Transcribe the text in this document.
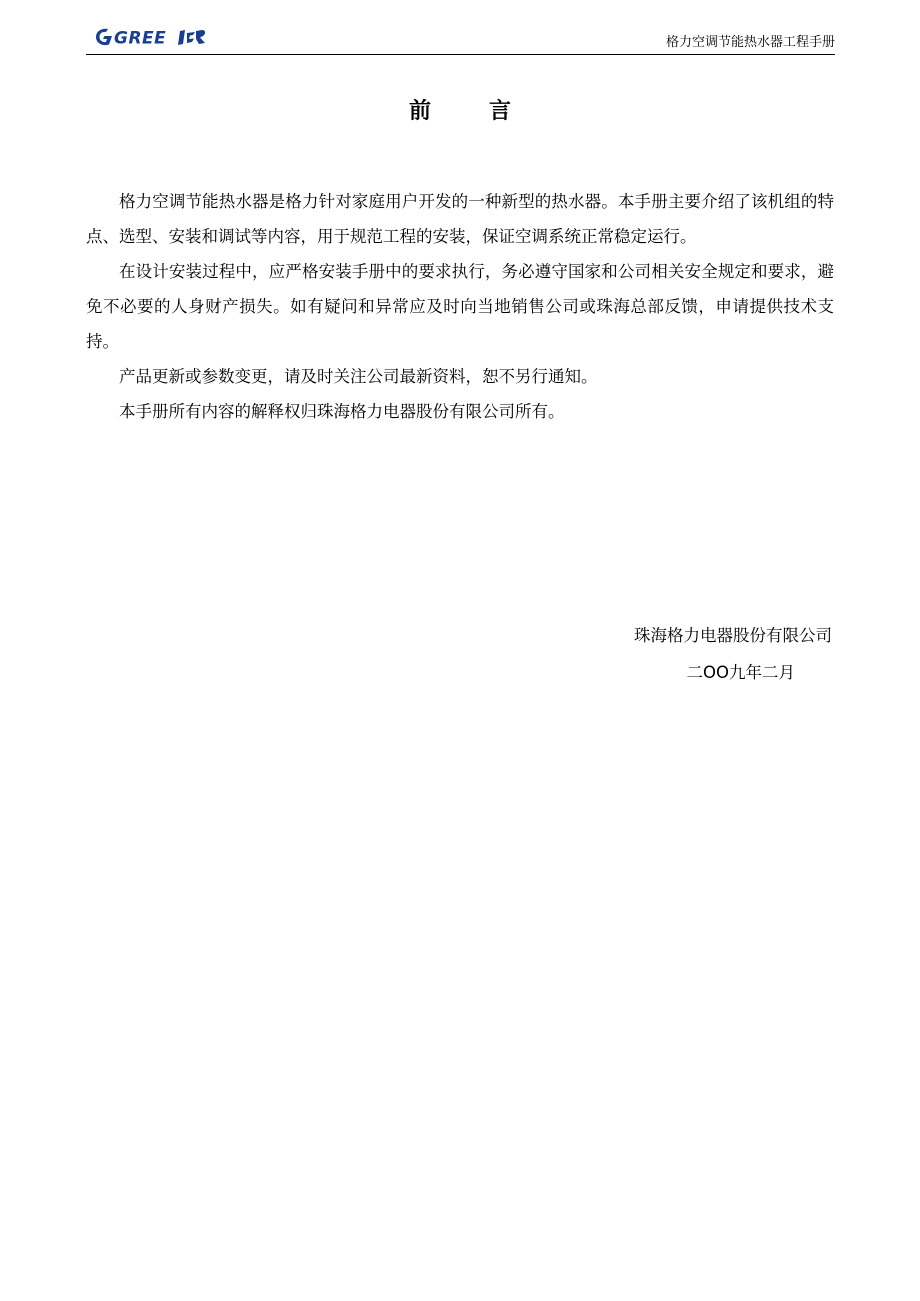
GREE	格力空调节能热水器工程手册
前言

格力空调节能热水器是格力针对家庭用户开发的一种新型的热水器。本手册主要介绍了该机组的特点、选型、安装和调试等内容，用于规范工程的安装，保证空调系统正常稳定运行。

在设计安装过程中，应严格安装手册中的要求执行，务必遵守国家和公司相关安全规定和要求，避免不必要的人身财产损失。如有疑问和异常应及时向当地销售公司或珠海总部反馈，申请提供技术支持。

产品更新或参数变更，请及时关注公司最新资料，恕不另行通知。

本手册所有内容的解释权归珠海格力电器股份有限公司所有。

珠海格力电器股份有限公司
二OO九年二月
